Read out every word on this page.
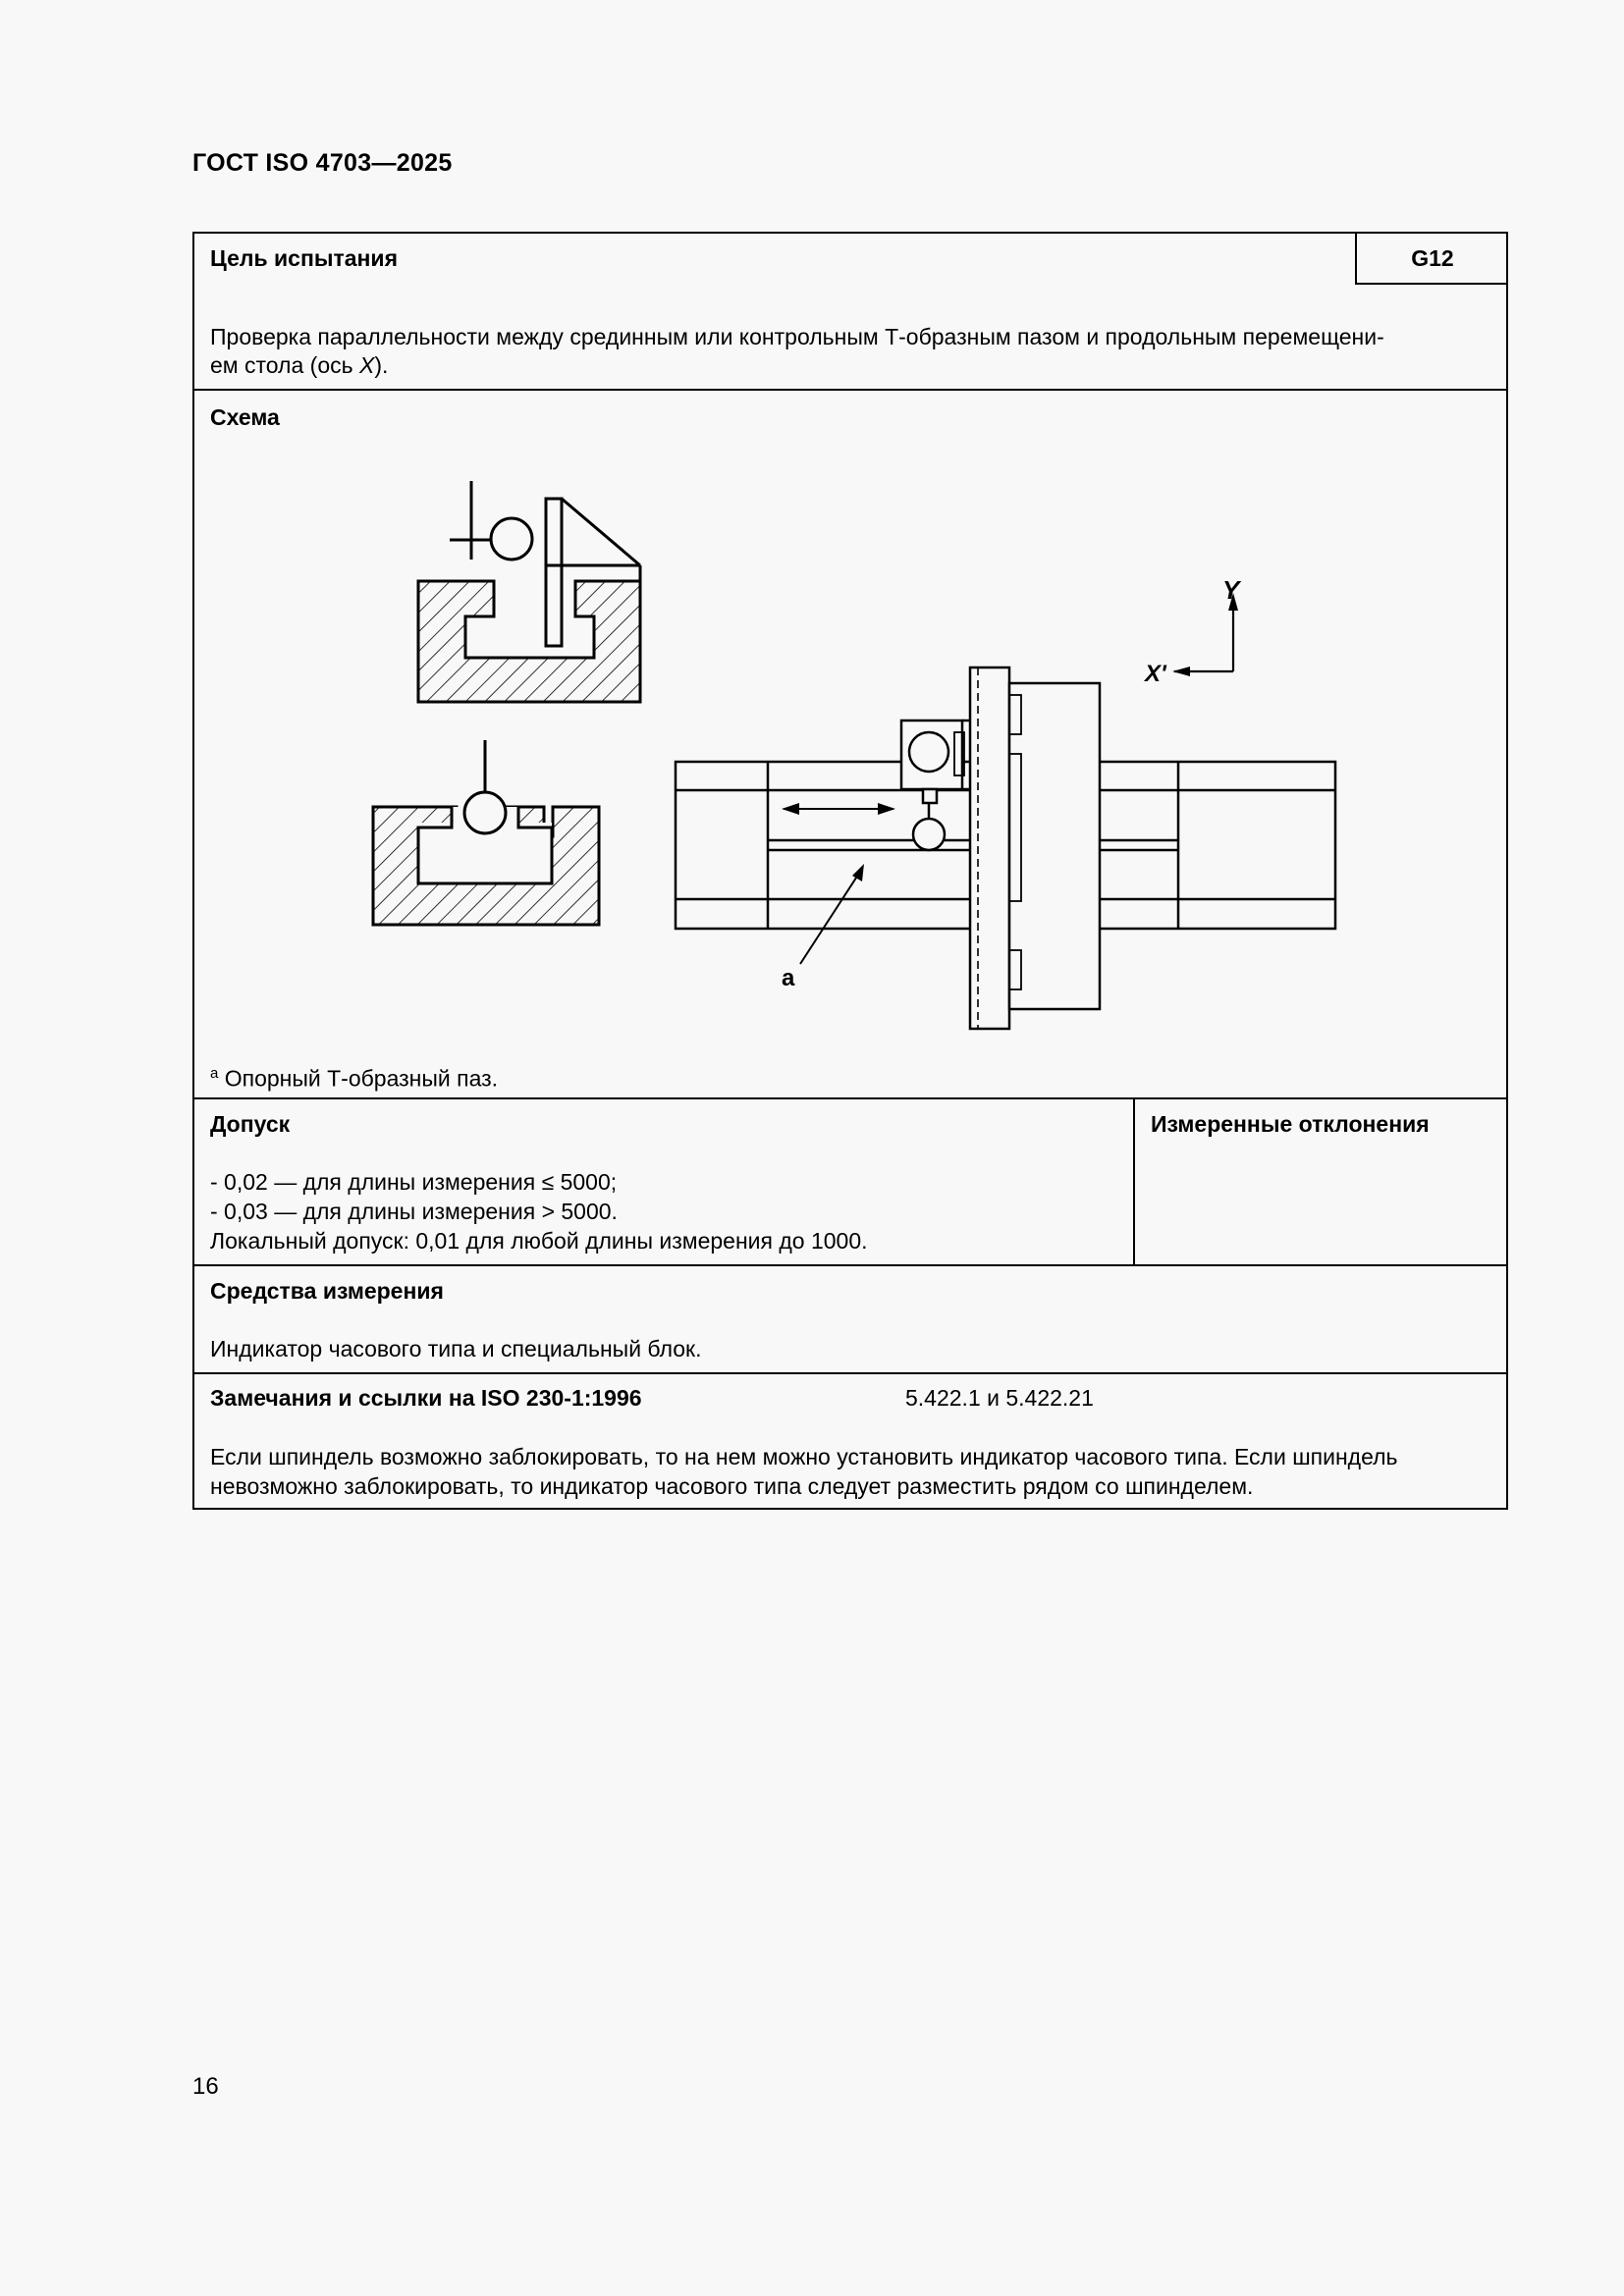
ГОСТ ISO 4703—2025
Цель испытания	G12
Проверка параллельности между срединным или контрольным Т-образным пазом и продольным перемещени-
ем стола (ось X).
Схема
Y
X'
a
$^a$ Опорный Т-образный паз.
Допуск
- 0,02 — для длины измерения ≤ 5000;
- 0,03 — для длины измерения > 5000.
Локальный допуск: 0,01 для любой длины измерения до 1000.
Измеренные отклонения
Средства измерения
Индикатор часового типа и специальный блок.
Замечания и ссылки на ISO 230-1:1996	5.422.1 и 5.422.21
Если шпиндель возможно заблокировать, то на нем можно установить индикатор часового типа. Если шпиндель
невозможно заблокировать, то индикатор часового типа следует разместить рядом со шпинделем.
16
